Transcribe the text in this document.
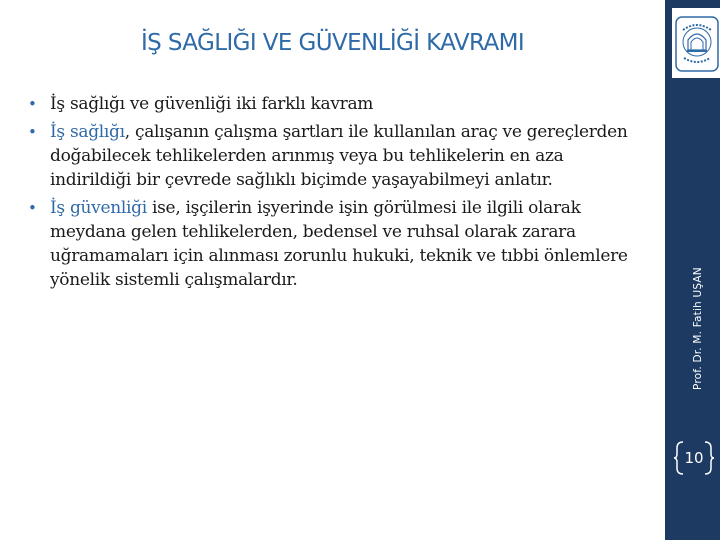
İŞ SAĞLIĞI VE GÜVENLİĞİ KAVRAMI
• İş sağlığı ve güvenliği iki farklı kavram
• İş sağlığı, çalışanın çalışma şartları ile kullanılan araç ve gereçlerden doğabilecek tehlikelerden arınmış veya bu tehlikelerin en aza indirildiği bir çevrede sağlıklı biçimde yaşayabilmeyi anlatır.
• İş güvenliği ise, işçilerin işyerinde işin görülmesi ile ilgili olarak meydana gelen tehlikelerden, bedensel ve ruhsal olarak zarara uğramamaları için alınması zorunlu hukuki, teknik ve tıbbi önlemlere yönelik sistemli çalışmalardır.	Prof. Dr. M. Fatih UŞAN
10
